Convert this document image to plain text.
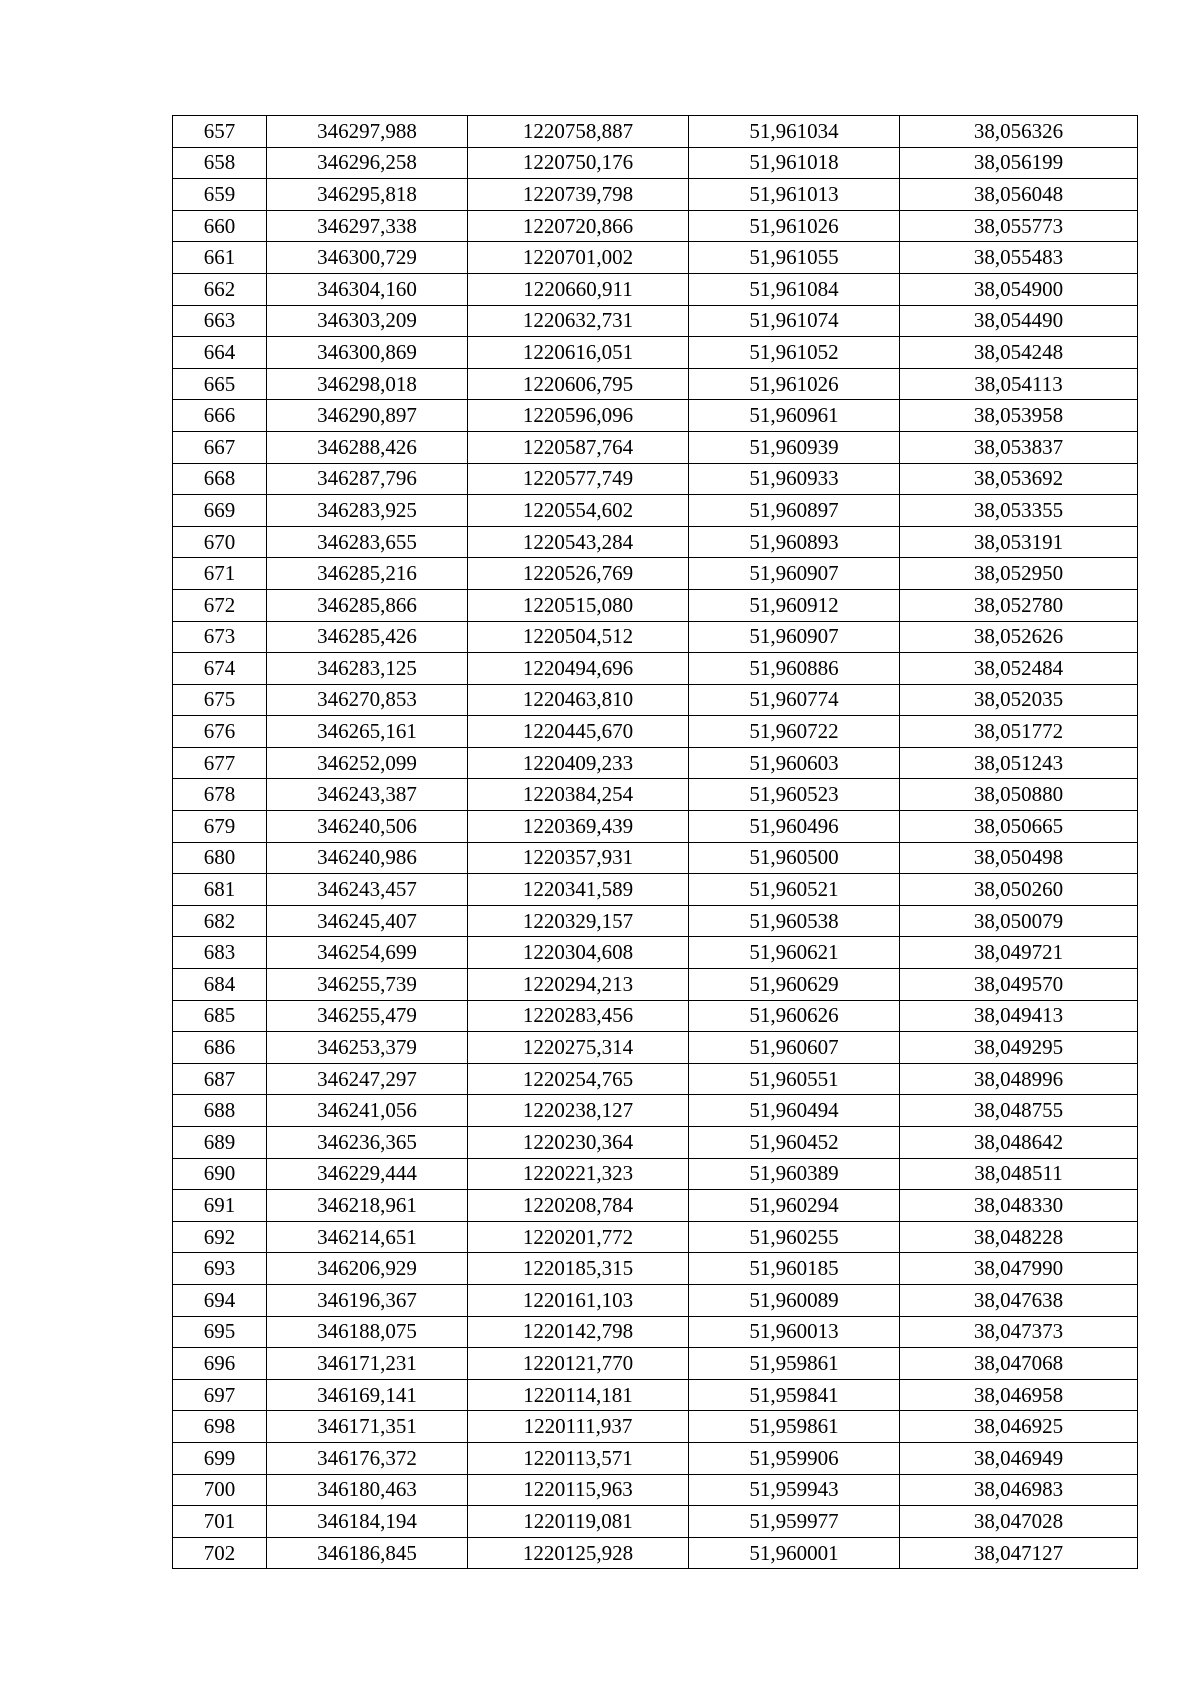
657	346297,988	1220758,887	51,961034	38,056326
658	346296,258	1220750,176	51,961018	38,056199
659	346295,818	1220739,798	51,961013	38,056048
660	346297,338	1220720,866	51,961026	38,055773
661	346300,729	1220701,002	51,961055	38,055483
662	346304,160	1220660,911	51,961084	38,054900
663	346303,209	1220632,731	51,961074	38,054490
664	346300,869	1220616,051	51,961052	38,054248
665	346298,018	1220606,795	51,961026	38,054113
666	346290,897	1220596,096	51,960961	38,053958
667	346288,426	1220587,764	51,960939	38,053837
668	346287,796	1220577,749	51,960933	38,053692
669	346283,925	1220554,602	51,960897	38,053355
670	346283,655	1220543,284	51,960893	38,053191
671	346285,216	1220526,769	51,960907	38,052950
672	346285,866	1220515,080	51,960912	38,052780
673	346285,426	1220504,512	51,960907	38,052626
674	346283,125	1220494,696	51,960886	38,052484
675	346270,853	1220463,810	51,960774	38,052035
676	346265,161	1220445,670	51,960722	38,051772
677	346252,099	1220409,233	51,960603	38,051243
678	346243,387	1220384,254	51,960523	38,050880
679	346240,506	1220369,439	51,960496	38,050665
680	346240,986	1220357,931	51,960500	38,050498
681	346243,457	1220341,589	51,960521	38,050260
682	346245,407	1220329,157	51,960538	38,050079
683	346254,699	1220304,608	51,960621	38,049721
684	346255,739	1220294,213	51,960629	38,049570
685	346255,479	1220283,456	51,960626	38,049413
686	346253,379	1220275,314	51,960607	38,049295
687	346247,297	1220254,765	51,960551	38,048996
688	346241,056	1220238,127	51,960494	38,048755
689	346236,365	1220230,364	51,960452	38,048642
690	346229,444	1220221,323	51,960389	38,048511
691	346218,961	1220208,784	51,960294	38,048330
692	346214,651	1220201,772	51,960255	38,048228
693	346206,929	1220185,315	51,960185	38,047990
694	346196,367	1220161,103	51,960089	38,047638
695	346188,075	1220142,798	51,960013	38,047373
696	346171,231	1220121,770	51,959861	38,047068
697	346169,141	1220114,181	51,959841	38,046958
698	346171,351	1220111,937	51,959861	38,046925
699	346176,372	1220113,571	51,959906	38,046949
700	346180,463	1220115,963	51,959943	38,046983
701	346184,194	1220119,081	51,959977	38,047028
702	346186,845	1220125,928	51,960001	38,047127
